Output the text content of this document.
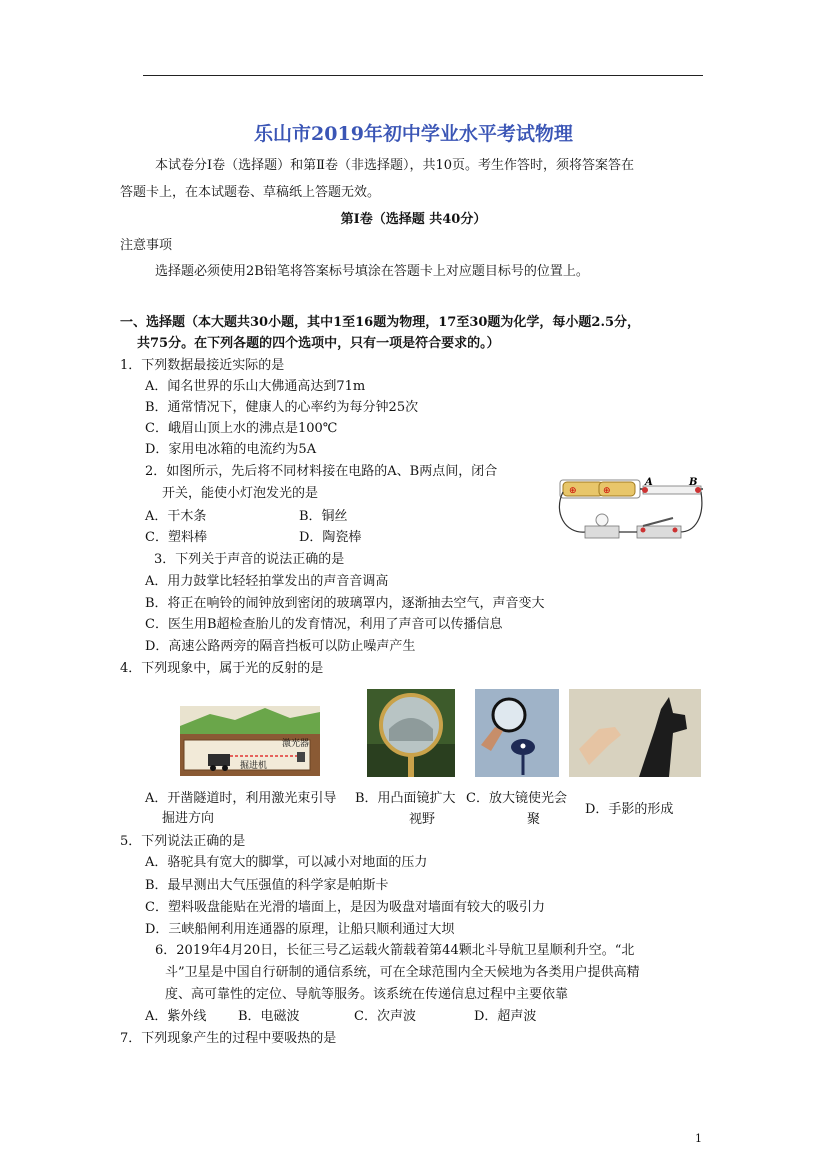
乐山市2019年初中学业水平考试物理
本试卷分Ⅰ卷（选择题）和第Ⅱ卷（非选择题），共10页。考生作答时，须将答案答在
答题卡上，在本试题卷、草稿纸上答题无效。
第Ⅰ卷（选择题 共40分）
注意事项
选择题必须使用2B铅笔将答案标号填涂在答题卡上对应题目标号的位置上。
一、选择题（本大题共30小题，其中1至16题为物理，17至30题为化学，每小题2.5分，
共75分。在下列各题的四个选项中，只有一项是符合要求的。）
1．下列数据最接近实际的是
A．闻名世界的乐山大佛通高达到71m
B．通常情况下，健康人的心率约为每分钟25次
C．峨眉山顶上水的沸点是100℃
D．家用电冰箱的电流约为5A
2．如图所示，先后将不同材料接在电路的A、B两点间，闭合
开关，能使小灯泡发光的是
A．干木条	B．铜丝
C．塑料棒	D．陶瓷棒
⊕	⊕
A	B
3．下列关于声音的说法正确的是
A．用力鼓掌比轻轻拍掌发出的声音音调高
B．将正在响铃的闹钟放到密闭的玻璃罩内，逐渐抽去空气，声音变大
C．医生用B超检查胎儿的发育情况，利用了声音可以传播信息
D．高速公路两旁的隔音挡板可以防止噪声产生
4．下列现象中，属于光的反射的是
激光器
掘进机
A．开凿隧道时，利用激光束引导
掘进方向
B．用凸面镜扩大
视野
C．放大镜使光会
聚
D．手影的形成
5．下列说法正确的是
A．骆驼具有宽大的脚掌，可以减小对地面的压力
B．最早测出大气压强值的科学家是帕斯卡
C．塑料吸盘能贴在光滑的墙面上，是因为吸盘对墙面有较大的吸引力
D．三峡船闸利用连通器的原理，让船只顺利通过大坝
6．2019年4月20日，长征三号乙运载火箭载着第44颗北斗导航卫星顺利升空。“北
斗”卫星是中国自行研制的通信系统，可在全球范围内全天候地为各类用户提供高精
度、高可靠性的定位、导航等服务。该系统在传递信息过程中主要依靠
A．紫外线 B．电磁波	C．次声波	D．超声波
7．下列现象产生的过程中要吸热的是
1
